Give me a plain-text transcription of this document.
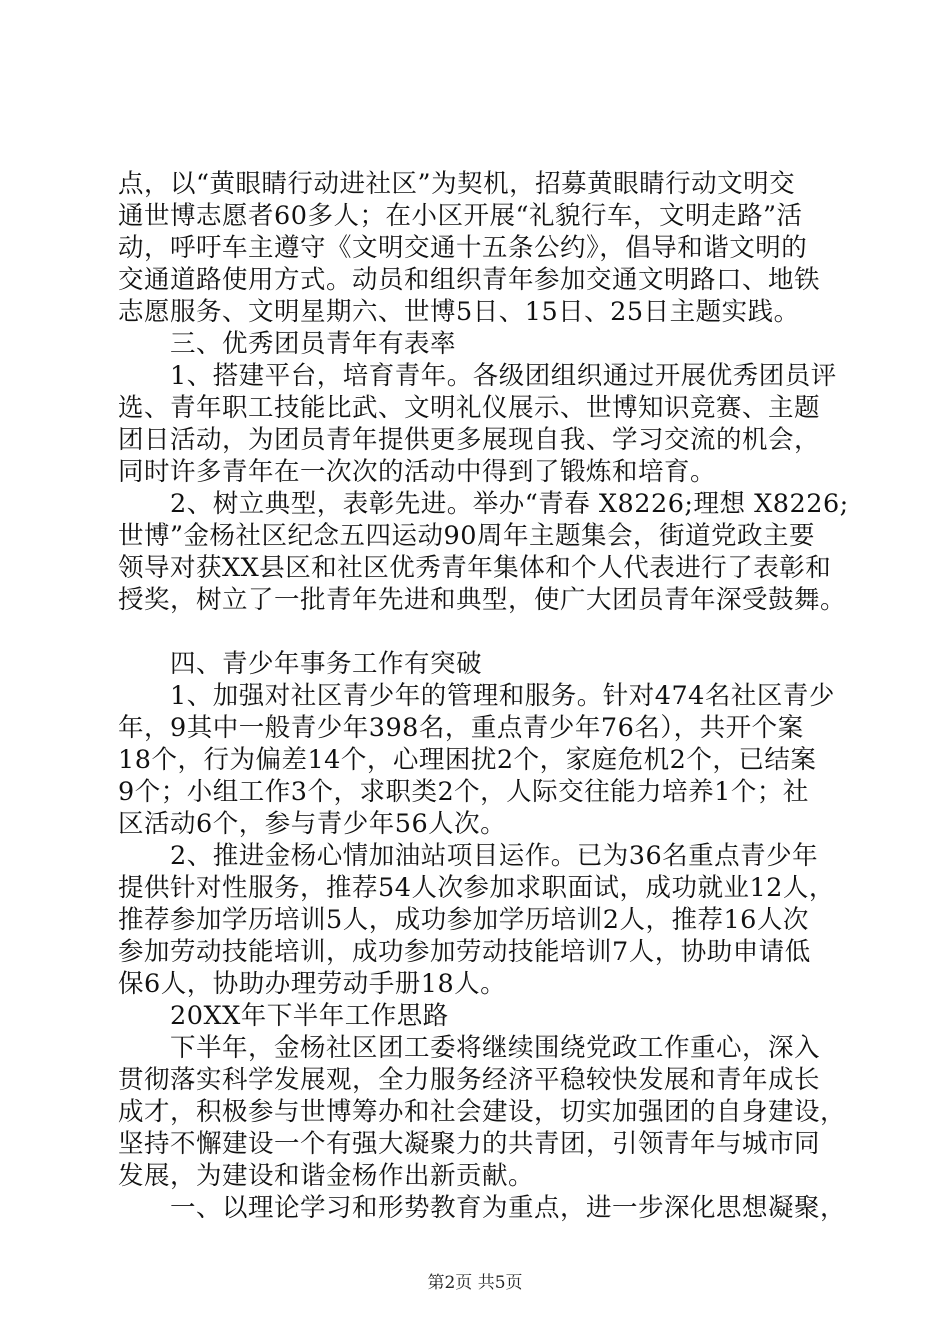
点，以“黄眼睛行动进社区”为契机，招募黄眼睛行动文明交
通世博志愿者60多人；在小区开展“礼貌行车，文明走路”活
动，呼吁车主遵守《文明交通十五条公约》，倡导和谐文明的
交通道路使用方式。动员和组织青年参加交通文明路口、地铁
志愿服务、文明星期六、世博5日、15日、25日主题实践。
　　三、优秀团员青年有表率
　　1、搭建平台，培育青年。各级团组织通过开展优秀团员评
选、青年职工技能比武、文明礼仪展示、世博知识竞赛、主题
团日活动，为团员青年提供更多展现自我、学习交流的机会，
同时许多青年在一次次的活动中得到了锻炼和培育。
　　2、树立典型，表彰先进。举办“青春 X8226;理想 X8226;
世博”金杨社区纪念五四运动90周年主题集会，街道党政主要
领导对获XX县区和社区优秀青年集体和个人代表进行了表彰和
授奖，树立了一批青年先进和典型，使广大团员青年深受鼓舞。
　　四、青少年事务工作有突破
　　1、加强对社区青少年的管理和服务。针对474名社区青少
年，9其中一般青少年398名，重点青少年76名），共开个案
18个，行为偏差14个，心理困扰2个，家庭危机2个，已结案
9个；小组工作3个，求职类2个，人际交往能力培养1个；社
区活动6个，参与青少年56人次。
　　2、推进金杨心情加油站项目运作。已为36名重点青少年
提供针对性服务，推荐54人次参加求职面试，成功就业12人，
推荐参加学历培训5人，成功参加学历培训2人，推荐16人次
参加劳动技能培训，成功参加劳动技能培训7人，协助申请低
保6人，协助办理劳动手册18人。
　　20XX年下半年工作思路
　　下半年，金杨社区团工委将继续围绕党政工作重心，深入
贯彻落实科学发展观，全力服务经济平稳较快发展和青年成长
成才，积极参与世博筹办和社会建设，切实加强团的自身建设，
坚持不懈建设一个有强大凝聚力的共青团，引领青年与城市同
发展，为建设和谐金杨作出新贡献。
　　一、以理论学习和形势教育为重点，进一步深化思想凝聚，
第2页 共5页
